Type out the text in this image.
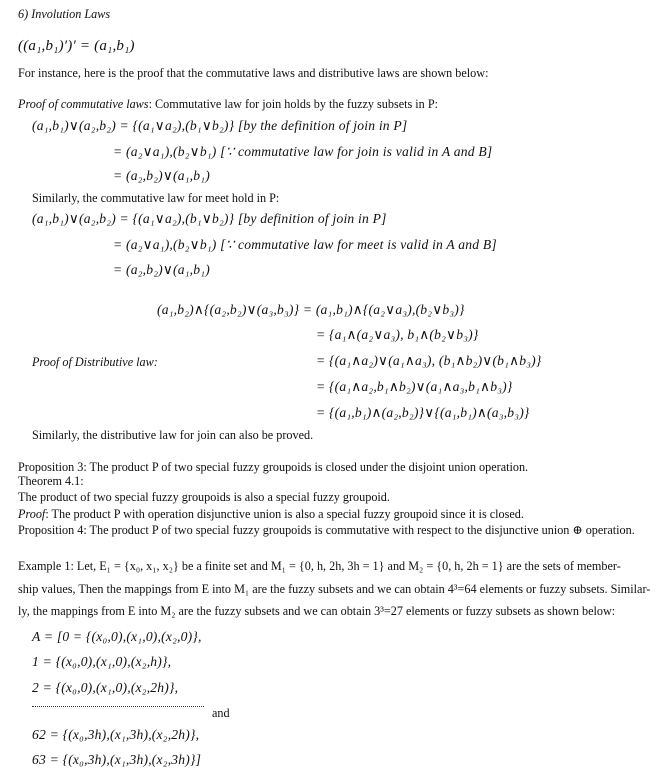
6) Involution Laws
((a₁,b₁)′)′ = (a₁,b₁)
For instance, here is the proof that the commutative laws and distributive laws are shown below:
Proof of commutative laws: Commutative law for join holds by the fuzzy subsets in P:
(a₁,b₁)∨(a₂,b₂) = {(a₁∨a₂),(b₁∨b₂)} [by the definition of join in P]
= (a₂∨a₁),(b₂∨b₁) [∵ commutative law for join is valid in A and B]
= (a₂,b₂)∨(a₁,b₁)
Similarly, the commutative law for meet hold in P:
(a₁,b₁)∨(a₂,b₂) = {(a₁∨a₂),(b₁∨b₂)} [by definition of join in P]
= (a₂∨a₁),(b₂∨b₁) [∵ commutative law for meet is valid in A and B]
= (a₂,b₂)∨(a₁,b₁)
(a₁,b₂)∧{(a₂,b₂)∨(a₃,b₃)} = (a₁,b₁)∧{(a₂∨a₃),(b₂∨b₃)}
= {a₁∧(a₂∨a₃), b₁∧(b₂∨b₃)}
Proof of Distributive law:	= {(a₁∧a₂)∨(a₁∧a₃), (b₁∧b₂)∨(b₁∧b₃)}
= {(a₁∧a₂,b₁∧b₂)∨(a₁∧a₃,b₁∧b₃)}
= {(a₁,b₁)∧(a₂,b₂)}∨{(a₁,b₁)∧(a₃,b₃)}
Similarly, the distributive law for join can also be proved.
Proposition 3: The product P of two special fuzzy groupoids is closed under the disjoint union operation.
Theorem 4.1:
The product of two special fuzzy groupoids is also a special fuzzy groupoid.
Proof: The product P with operation disjunctive union is also a special fuzzy groupoid since it is closed.
Proposition 4: The product P of two special fuzzy groupoids is commutative with respect to the disjunctive union ⊕ operation.
Example 1: Let, E₁ = {x₀, x₁, x₂} be a finite set and M₁ = {0, h, 2h, 3h = 1} and M₂ = {0, h, 2h = 1} are the sets of member-
ship values, Then the mappings from E into M₁ are the fuzzy subsets and we can obtain 4³=64 elements or fuzzy subsets. Similar-
ly, the mappings from E into M₂ are the fuzzy subsets and we can obtain 3³=27 elements or fuzzy subsets as shown below:
A = [0 = {(x₀,0),(x₁,0),(x₂,0)},
1 = {(x₀,0),(x₁,0),(x₂,h)},
2 = {(x₀,0),(x₁,0),(x₂,2h)},
and
62 = {(x₀,3h),(x₁,3h),(x₂,2h)},
63 = {(x₀,3h),(x₁,3h),(x₂,3h)}]
